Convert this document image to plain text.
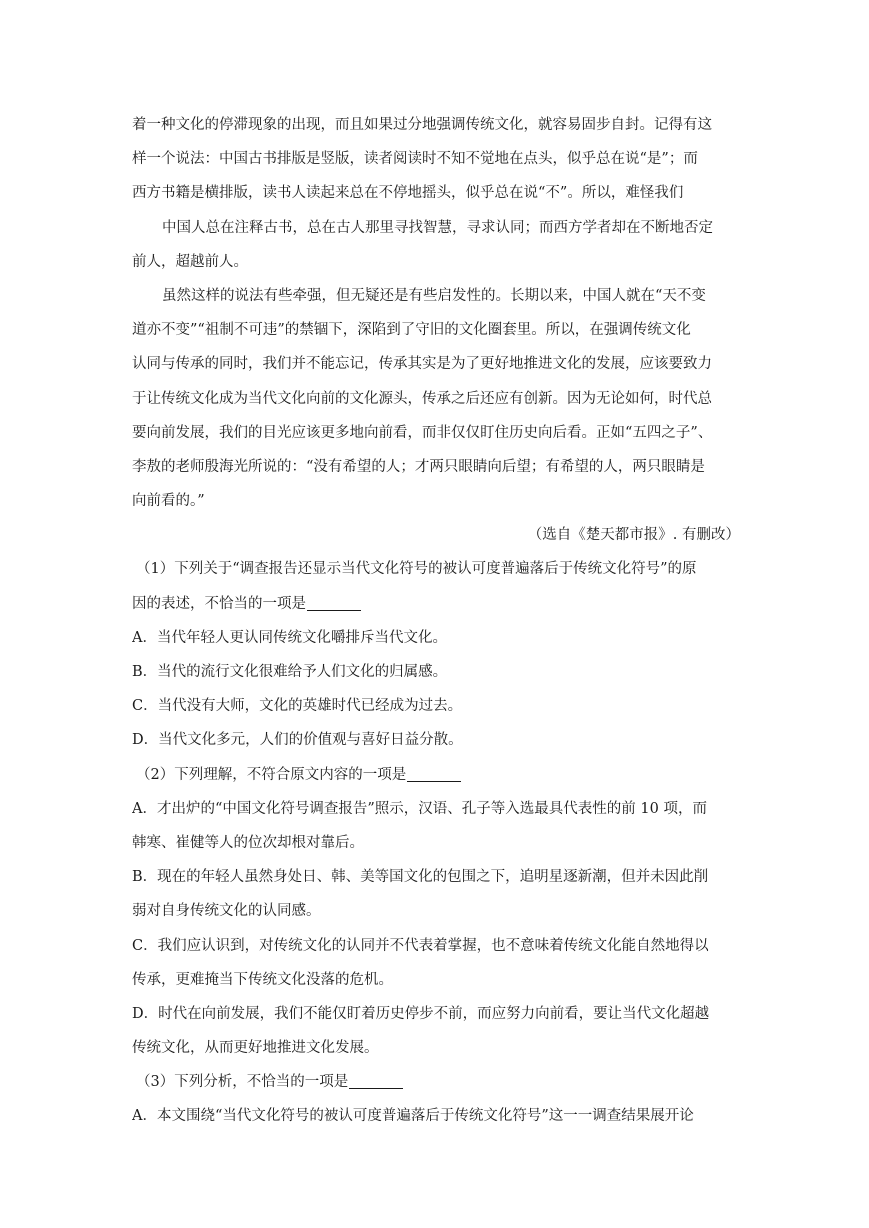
着一种文化的停滞现象的出现，而且如果过分地强调传统文化，就容易固步自封。记得有这
样一个说法：中国古书排版是竖版，读者阅读时不知不觉地在点头，似乎总在说“是”；而
西方书籍是横排版，读书人读起来总在不停地摇头，似乎总在说“不”。所以，难怪我们
中国人总在注释古书，总在古人那里寻找智慧，寻求认同；而西方学者却在不断地否定
前人，超越前人。
虽然这样的说法有些牵强，但无疑还是有些启发性的。长期以来，中国人就在“天不变
道亦不变”“祖制不可违”的禁锢下，深陷到了守旧的文化圈套里。所以，在强调传统文化
认同与传承的同时，我们并不能忘记，传承其实是为了更好地推进文化的发展，应该要致力
于让传统文化成为当代文化向前的文化源头，传承之后还应有创新。因为无论如何，时代总
要向前发展，我们的目光应该更多地向前看，而非仅仅盯住历史向后看。正如“五四之子”、
李敖的老师殷海光所说的：“没有希望的人；才两只眼睛向后望；有希望的人，两只眼睛是
向前看的。”
（选自《楚天都市报》. 有删改）
（1）下列关于“调查报告还显示当代文化符号的被认可度普遍落后于传统文化符号”的原
因的表述，不恰当的一项是
A．当代年轻人更认同传统文化嚼排斥当代文化。
B．当代的流行文化很难给予人们文化的归属感。
C．当代没有大师，文化的英雄时代已经成为过去。
D．当代文化多元，人们的价值观与喜好日益分散。
（2）下列理解，不符合原文内容的一项是
A．才出炉的“中国文化符号调查报告”照示，汉语、孔子等入选最具代表性的前 10 项，而
韩寒、崔健等人的位次却根对靠后。
B．现在的年轻人虽然身处日、韩、美等国文化的包围之下，追明星逐新潮，但并未因此削
弱对自身传统文化的认同感。
C．我们应认识到，对传统文化的认同并不代表着掌握，也不意味着传统文化能自然地得以
传承，更难掩当下传统文化没落的危机。
D．时代在向前发展，我们不能仅盯着历史停步不前，而应努力向前看，要让当代文化超越
传统文化，从而更好地推进文化发展。
（3）下列分析，不恰当的一项是
A．本文围绕“当代文化符号的被认可度普遍落后于传统文化符号”这一一调查结果展开论
